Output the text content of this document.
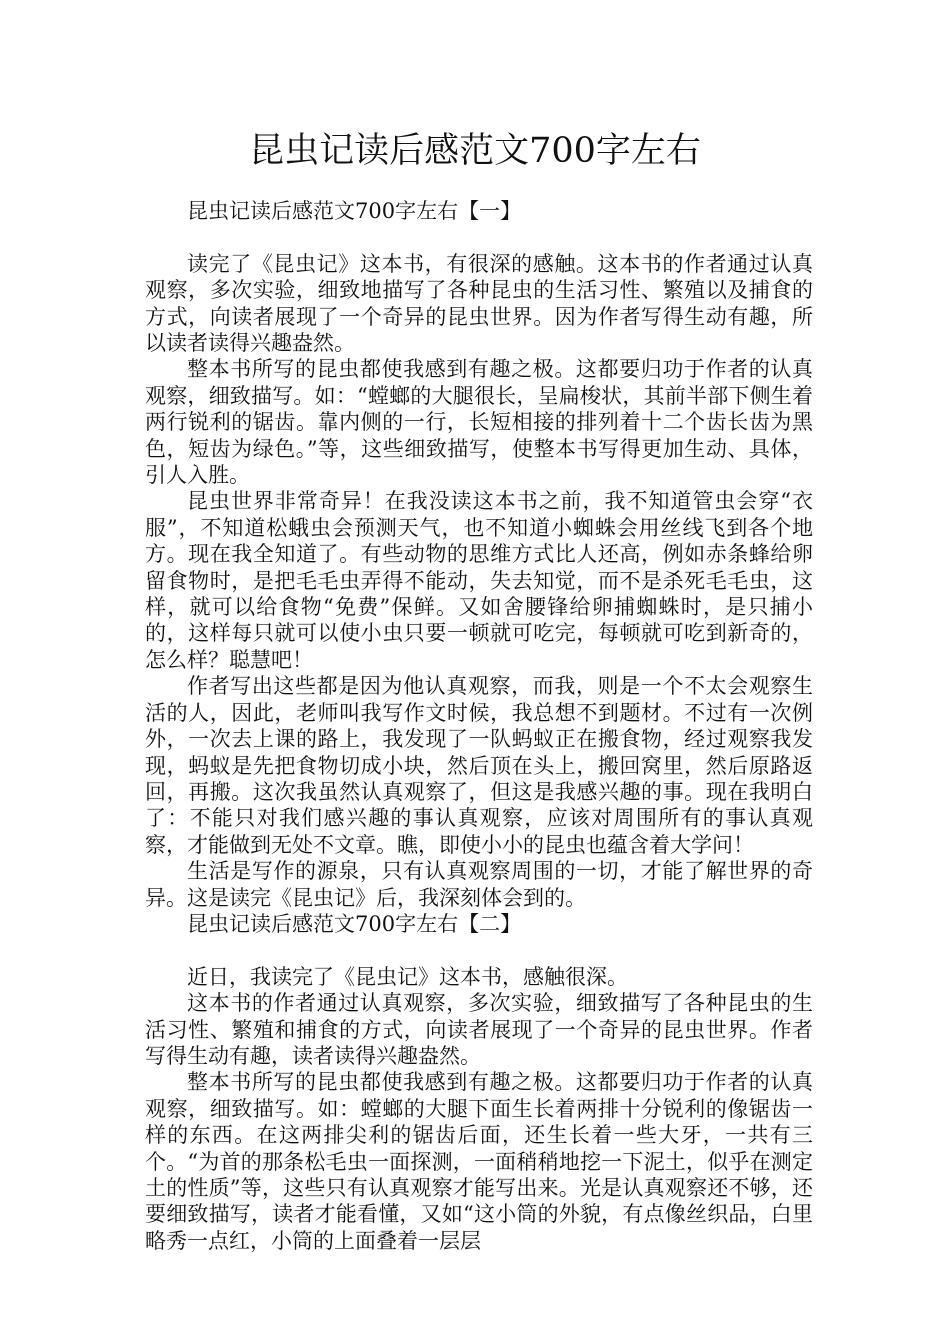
昆虫记读后感范文700字左右

昆虫记读后感范文700字左右【一】

读完了《昆虫记》这本书，有很深的感触。这本书的作者通过认真观察，多次实验，细致地描写了各种昆虫的生活习性、繁殖以及捕食的方式，向读者展现了一个奇异的昆虫世界。因为作者写得生动有趣，所以读者读得兴趣盎然。

整本书所写的昆虫都使我感到有趣之极。这都要归功于作者的认真观察，细致描写。如：“螳螂的大腿很长，呈扁梭状，其前半部下侧生着两行锐利的锯齿。靠内侧的一行，长短相接的排列着十二个齿长齿为黑色，短齿为绿色。”等，这些细致描写，使整本书写得更加生动、具体，引人入胜。

昆虫世界非常奇异！在我没读这本书之前，我不知道管虫会穿“衣服”，不知道松蛾虫会预测天气，也不知道小蜘蛛会用丝线飞到各个地方。现在我全知道了。有些动物的思维方式比人还高，例如赤条蜂给卵留食物时，是把毛毛虫弄得不能动，失去知觉，而不是杀死毛毛虫，这样，就可以给食物“免费”保鲜。又如舍腰锋给卵捕蜘蛛时，是只捕小的，这样每只就可以使小虫只要一顿就可吃完，每顿就可吃到新奇的，怎么样？聪慧吧！

作者写出这些都是因为他认真观察，而我，则是一个不太会观察生活的人，因此，老师叫我写作文时候，我总想不到题材。不过有一次例外，一次去上课的路上，我发现了一队蚂蚁正在搬食物，经过观察我发现，蚂蚁是先把食物切成小块，然后顶在头上，搬回窝里，然后原路返回，再搬。这次我虽然认真观察了，但这是我感兴趣的事。现在我明白了：不能只对我们感兴趣的事认真观察，应该对周围所有的事认真观察，才能做到无处不文章。瞧，即使小小的昆虫也蕴含着大学问！

生活是写作的源泉，只有认真观察周围的一切，才能了解世界的奇异。这是读完《昆虫记》后，我深刻体会到的。

昆虫记读后感范文700字左右【二】

近日，我读完了《昆虫记》这本书，感触很深。

这本书的作者通过认真观察，多次实验，细致描写了各种昆虫的生活习性、繁殖和捕食的方式，向读者展现了一个奇异的昆虫世界。作者写得生动有趣，读者读得兴趣盎然。

整本书所写的昆虫都使我感到有趣之极。这都要归功于作者的认真观察，细致描写。如：螳螂的大腿下面生长着两排十分锐利的像锯齿一样的东西。在这两排尖利的锯齿后面，还生长着一些大牙，一共有三个。“为首的那条松毛虫一面探测，一面稍稍地挖一下泥土，似乎在测定土的性质”等，这些只有认真观察才能写出来。光是认真观察还不够，还要细致描写，读者才能看懂，又如“这小筒的外貌，有点像丝织品，白里略秀一点红，小筒的上面叠着一层层
